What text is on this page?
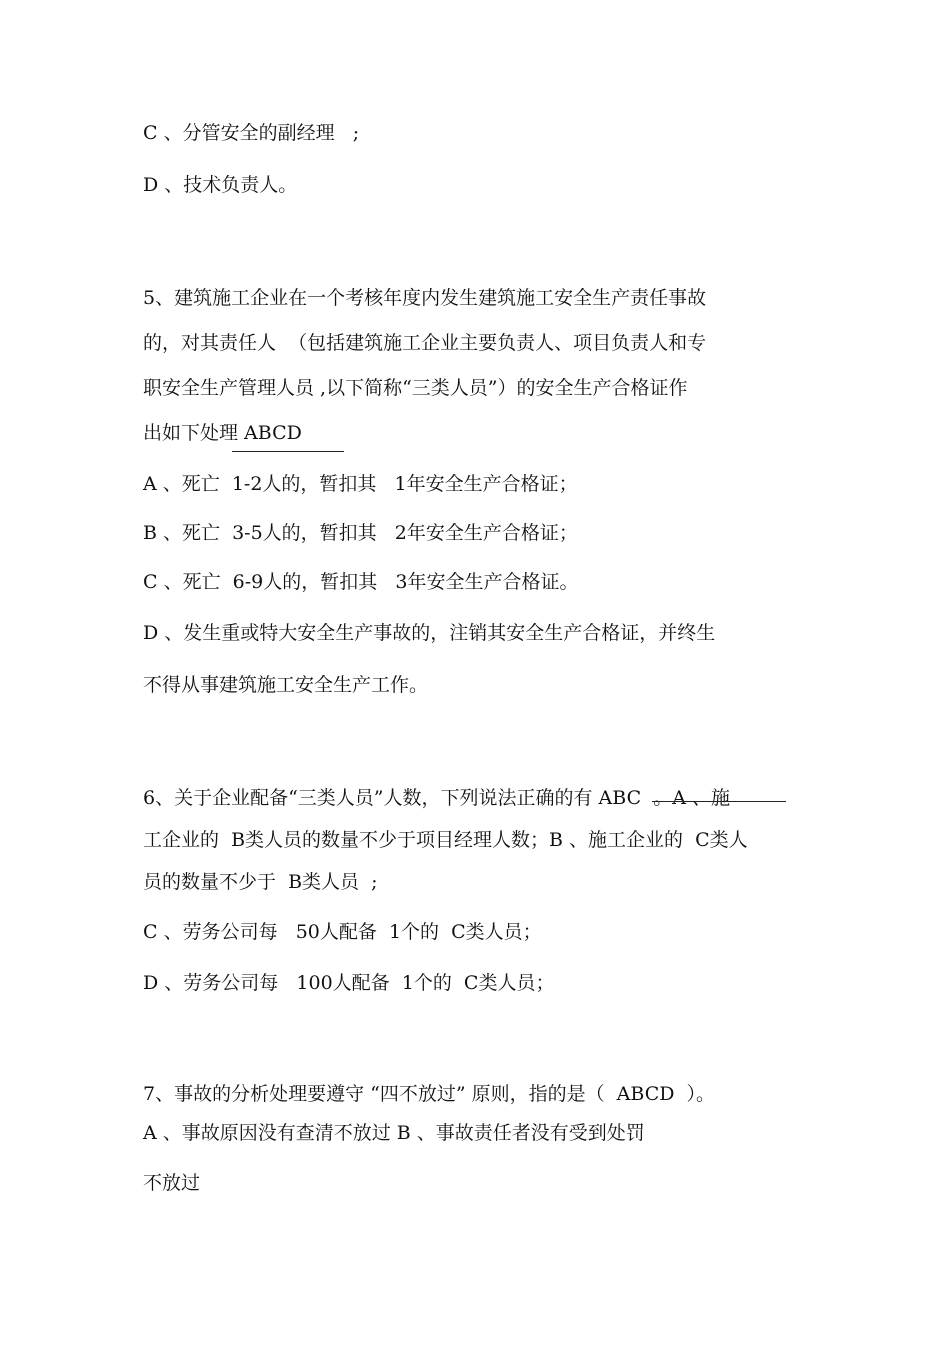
C 、分管安全的副经理   ;
D 、技术负责人。
5、建筑施工企业在一个考核年度内发生建筑施工安全生产责任事故
的，对其责任人  （包括建筑施工企业主要负责人、项目负责人和专
职安全生产管理人员 ,以下简称“三类人员”）的安全生产合格证作
出如下处理 ABCD
A 、死亡  1-2人的，暂扣其   1年安全生产合格证；
B 、死亡  3-5人的，暂扣其   2年安全生产合格证；
C 、死亡  6-9人的，暂扣其   3年安全生产合格证。
D 、发生重或特大安全生产事故的，注销其安全生产合格证，并终生
不得从事建筑施工安全生产工作。
6、关于企业配备“三类人员”人数，下列说法正确的有 ABC  。A 、施
工企业的  B类人员的数量不少于项目经理人数；B 、施工企业的  C类人
员的数量不少于  B类人员  ;
C 、劳务公司每   50人配备  1个的  C类人员；
D 、劳务公司每   100人配备  1个的  C类人员；
7、事故的分析处理要遵守 “四不放过” 原则，指的是（  ABCD  ）。
A 、事故原因没有查清不放过 B 、事故责任者没有受到处罚
不放过
